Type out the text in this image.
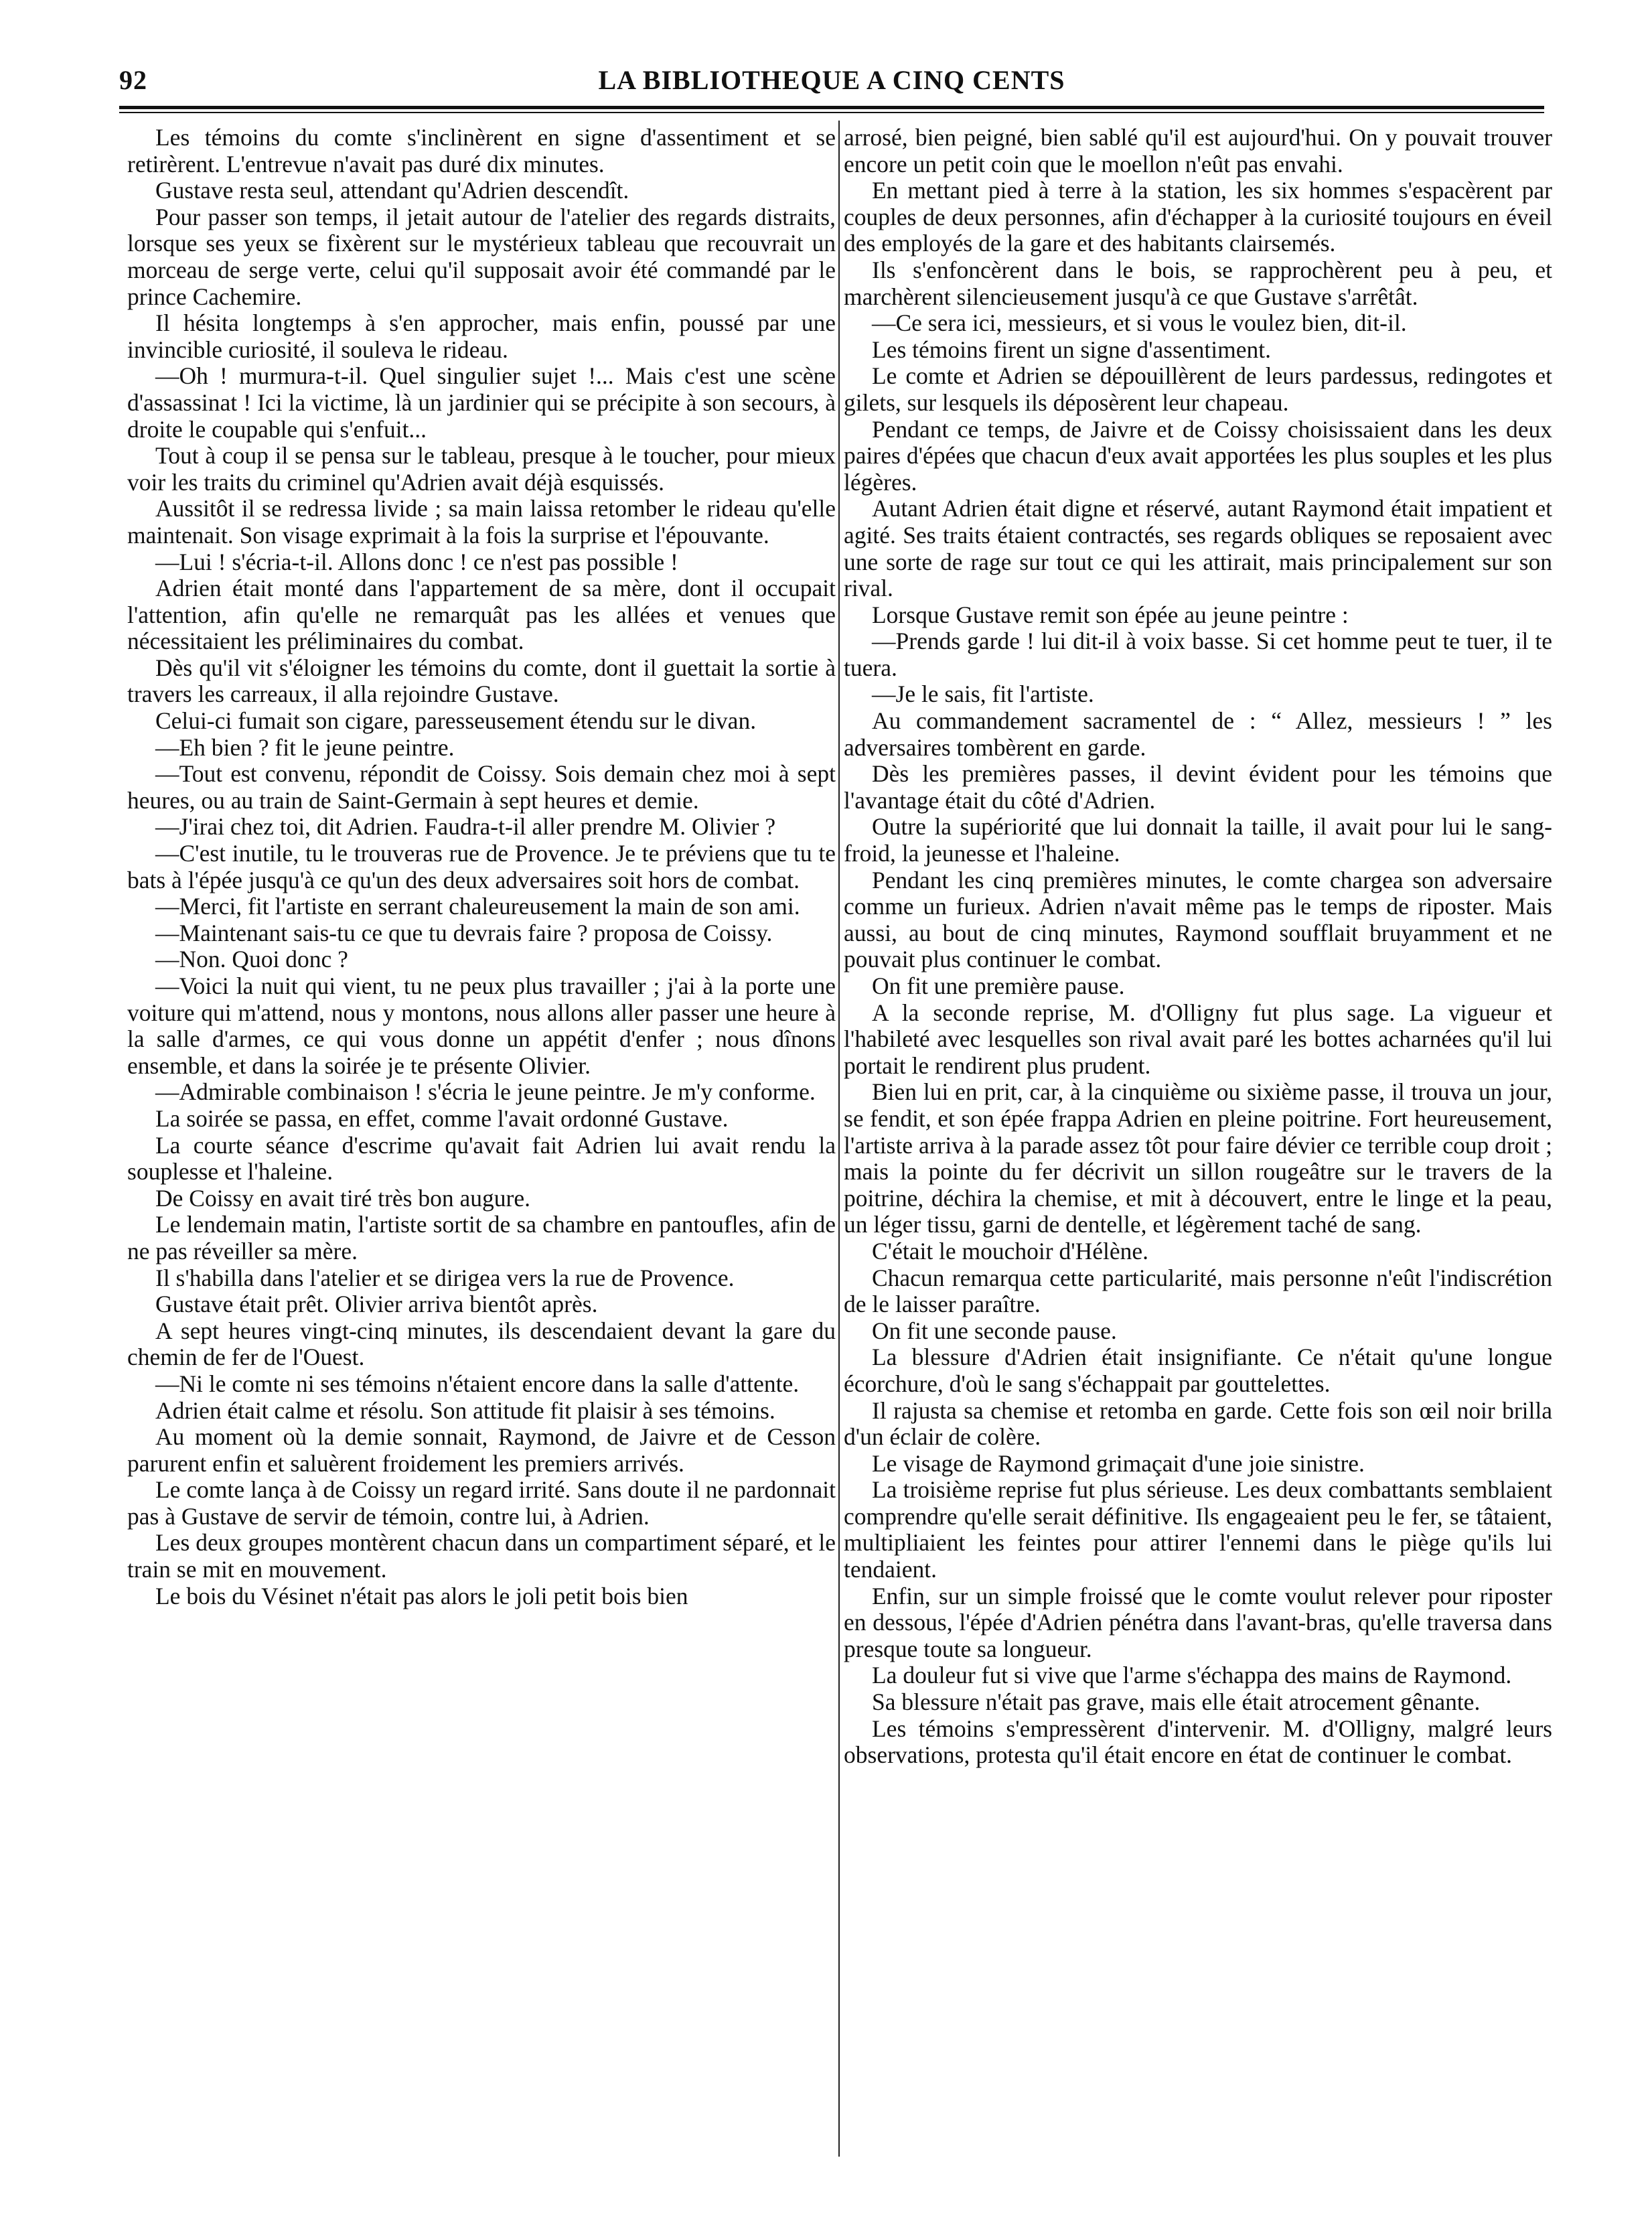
92	LA BIBLIOTHEQUE A CINQ CENTS

Les témoins du comte s'inclinèrent en signe d'assentiment et se retirèrent. L'entrevue n'avait pas duré dix minutes.

Gustave resta seul, attendant qu'Adrien descendît.

Pour passer son temps, il jetait autour de l'atelier des regards distraits, lorsque ses yeux se fixèrent sur le mystérieux tableau que recouvrait un morceau de serge verte, celui qu'il supposait avoir été commandé par le prince Cachemire.

Il hésita longtemps à s'en approcher, mais enfin, poussé par une invincible curiosité, il souleva le rideau.

—Oh ! murmura-t-il. Quel singulier sujet !... Mais c'est une scène d'assassinat ! Ici la victime, là un jardinier qui se précipite à son secours, à droite le coupable qui s'enfuit...

Tout à coup il se pensa sur le tableau, presque à le toucher, pour mieux voir les traits du criminel qu'Adrien avait déjà esquissés.

Aussitôt il se redressa livide ; sa main laissa retomber le rideau qu'elle maintenait. Son visage exprimait à la fois la surprise et l'épouvante.

—Lui ! s'écria-t-il. Allons donc ! ce n'est pas possible !

Adrien était monté dans l'appartement de sa mère, dont il occupait l'attention, afin qu'elle ne remarquât pas les allées et venues que nécessitaient les préliminaires du combat.

Dès qu'il vit s'éloigner les témoins du comte, dont il guettait la sortie à travers les carreaux, il alla rejoindre Gustave.

Celui-ci fumait son cigare, paresseusement étendu sur le divan.

—Eh bien ? fit le jeune peintre.

—Tout est convenu, répondit de Coissy. Sois demain chez moi à sept heures, ou au train de Saint-Germain à sept heures et demie.

—J'irai chez toi, dit Adrien. Faudra-t-il aller prendre M. Olivier ?

—C'est inutile, tu le trouveras rue de Provence. Je te préviens que tu te bats à l'épée jusqu'à ce qu'un des deux adversaires soit hors de combat.

—Merci, fit l'artiste en serrant chaleureusement la main de son ami.

—Maintenant sais-tu ce que tu devrais faire ? proposa de Coissy.

—Non. Quoi donc ?

—Voici la nuit qui vient, tu ne peux plus travailler ; j'ai à la porte une voiture qui m'attend, nous y montons, nous allons aller passer une heure à la salle d'armes, ce qui vous donne un appétit d'enfer ; nous dînons ensemble, et dans la soirée je te présente Olivier.

—Admirable combinaison ! s'écria le jeune peintre. Je m'y conforme.

La soirée se passa, en effet, comme l'avait ordonné Gustave.

La courte séance d'escrime qu'avait fait Adrien lui avait rendu la souplesse et l'haleine.

De Coissy en avait tiré très bon augure.

Le lendemain matin, l'artiste sortit de sa chambre en pantoufles, afin de ne pas réveiller sa mère.

Il s'habilla dans l'atelier et se dirigea vers la rue de Provence.

Gustave était prêt. Olivier arriva bientôt après.

A sept heures vingt-cinq minutes, ils descendaient devant la gare du chemin de fer de l'Ouest.

—Ni le comte ni ses témoins n'étaient encore dans la salle d'attente.

Adrien était calme et résolu. Son attitude fit plaisir à ses témoins.

Au moment où la demie sonnait, Raymond, de Jaivre et de Cesson parurent enfin et saluèrent froidement les premiers arrivés.

Le comte lança à de Coissy un regard irrité. Sans doute il ne pardonnait pas à Gustave de servir de témoin, contre lui, à Adrien.

Les deux groupes montèrent chacun dans un compartiment séparé, et le train se mit en mouvement.

Le bois du Vésinet n'était pas alors le joli petit bois bien

arrosé, bien peigné, bien sablé qu'il est aujourd'hui. On y pouvait trouver encore un petit coin que le moellon n'eût pas envahi.

En mettant pied à terre à la station, les six hommes s'espacèrent par couples de deux personnes, afin d'échapper à la curiosité toujours en éveil des employés de la gare et des habitants clairsemés.

Ils s'enfoncèrent dans le bois, se rapprochèrent peu à peu, et marchèrent silencieusement jusqu'à ce que Gustave s'arrêtât.

—Ce sera ici, messieurs, et si vous le voulez bien, dit-il.

Les témoins firent un signe d'assentiment.

Le comte et Adrien se dépouillèrent de leurs pardessus, redingotes et gilets, sur lesquels ils déposèrent leur chapeau.

Pendant ce temps, de Jaivre et de Coissy choisissaient dans les deux paires d'épées que chacun d'eux avait apportées les plus souples et les plus légères.

Autant Adrien était digne et réservé, autant Raymond était impatient et agité. Ses traits étaient contractés, ses regards obliques se reposaient avec une sorte de rage sur tout ce qui les attirait, mais principalement sur son rival.

Lorsque Gustave remit son épée au jeune peintre :

—Prends garde ! lui dit-il à voix basse. Si cet homme peut te tuer, il te tuera.

—Je le sais, fit l'artiste.

Au commandement sacramentel de : “ Allez, messieurs ! ” les adversaires tombèrent en garde.

Dès les premières passes, il devint évident pour les témoins que l'avantage était du côté d'Adrien.

Outre la supériorité que lui donnait la taille, il avait pour lui le sang-froid, la jeunesse et l'haleine.

Pendant les cinq premières minutes, le comte chargea son adversaire comme un furieux. Adrien n'avait même pas le temps de riposter. Mais aussi, au bout de cinq minutes, Raymond soufflait bruyamment et ne pouvait plus continuer le combat.

On fit une première pause.

A la seconde reprise, M. d'Olligny fut plus sage. La vigueur et l'habileté avec lesquelles son rival avait paré les bottes acharnées qu'il lui portait le rendirent plus prudent.

Bien lui en prit, car, à la cinquième ou sixième passe, il trouva un jour, se fendit, et son épée frappa Adrien en pleine poitrine. Fort heureusement, l'artiste arriva à la parade assez tôt pour faire dévier ce terrible coup droit ; mais la pointe du fer décrivit un sillon rougeâtre sur le travers de la poitrine, déchira la chemise, et mit à découvert, entre le linge et la peau, un léger tissu, garni de dentelle, et légèrement taché de sang.

C'était le mouchoir d'Hélène.

Chacun remarqua cette particularité, mais personne n'eût l'indiscrétion de le laisser paraître.

On fit une seconde pause.

La blessure d'Adrien était insignifiante. Ce n'était qu'une longue écorchure, d'où le sang s'échappait par gouttelettes.

Il rajusta sa chemise et retomba en garde. Cette fois son œil noir brilla d'un éclair de colère.

Le visage de Raymond grimaçait d'une joie sinistre.

La troisième reprise fut plus sérieuse. Les deux combattants semblaient comprendre qu'elle serait définitive. Ils engageaient peu le fer, se tâtaient, multipliaient les feintes pour attirer l'ennemi dans le piège qu'ils lui tendaient.

Enfin, sur un simple froissé que le comte voulut relever pour riposter en dessous, l'épée d'Adrien pénétra dans l'avant-bras, qu'elle traversa dans presque toute sa longueur.

La douleur fut si vive que l'arme s'échappa des mains de Raymond.

Sa blessure n'était pas grave, mais elle était atrocement gênante.

Les témoins s'empressèrent d'intervenir. M. d'Olligny, malgré leurs observations, protesta qu'il était encore en état de continuer le combat.
